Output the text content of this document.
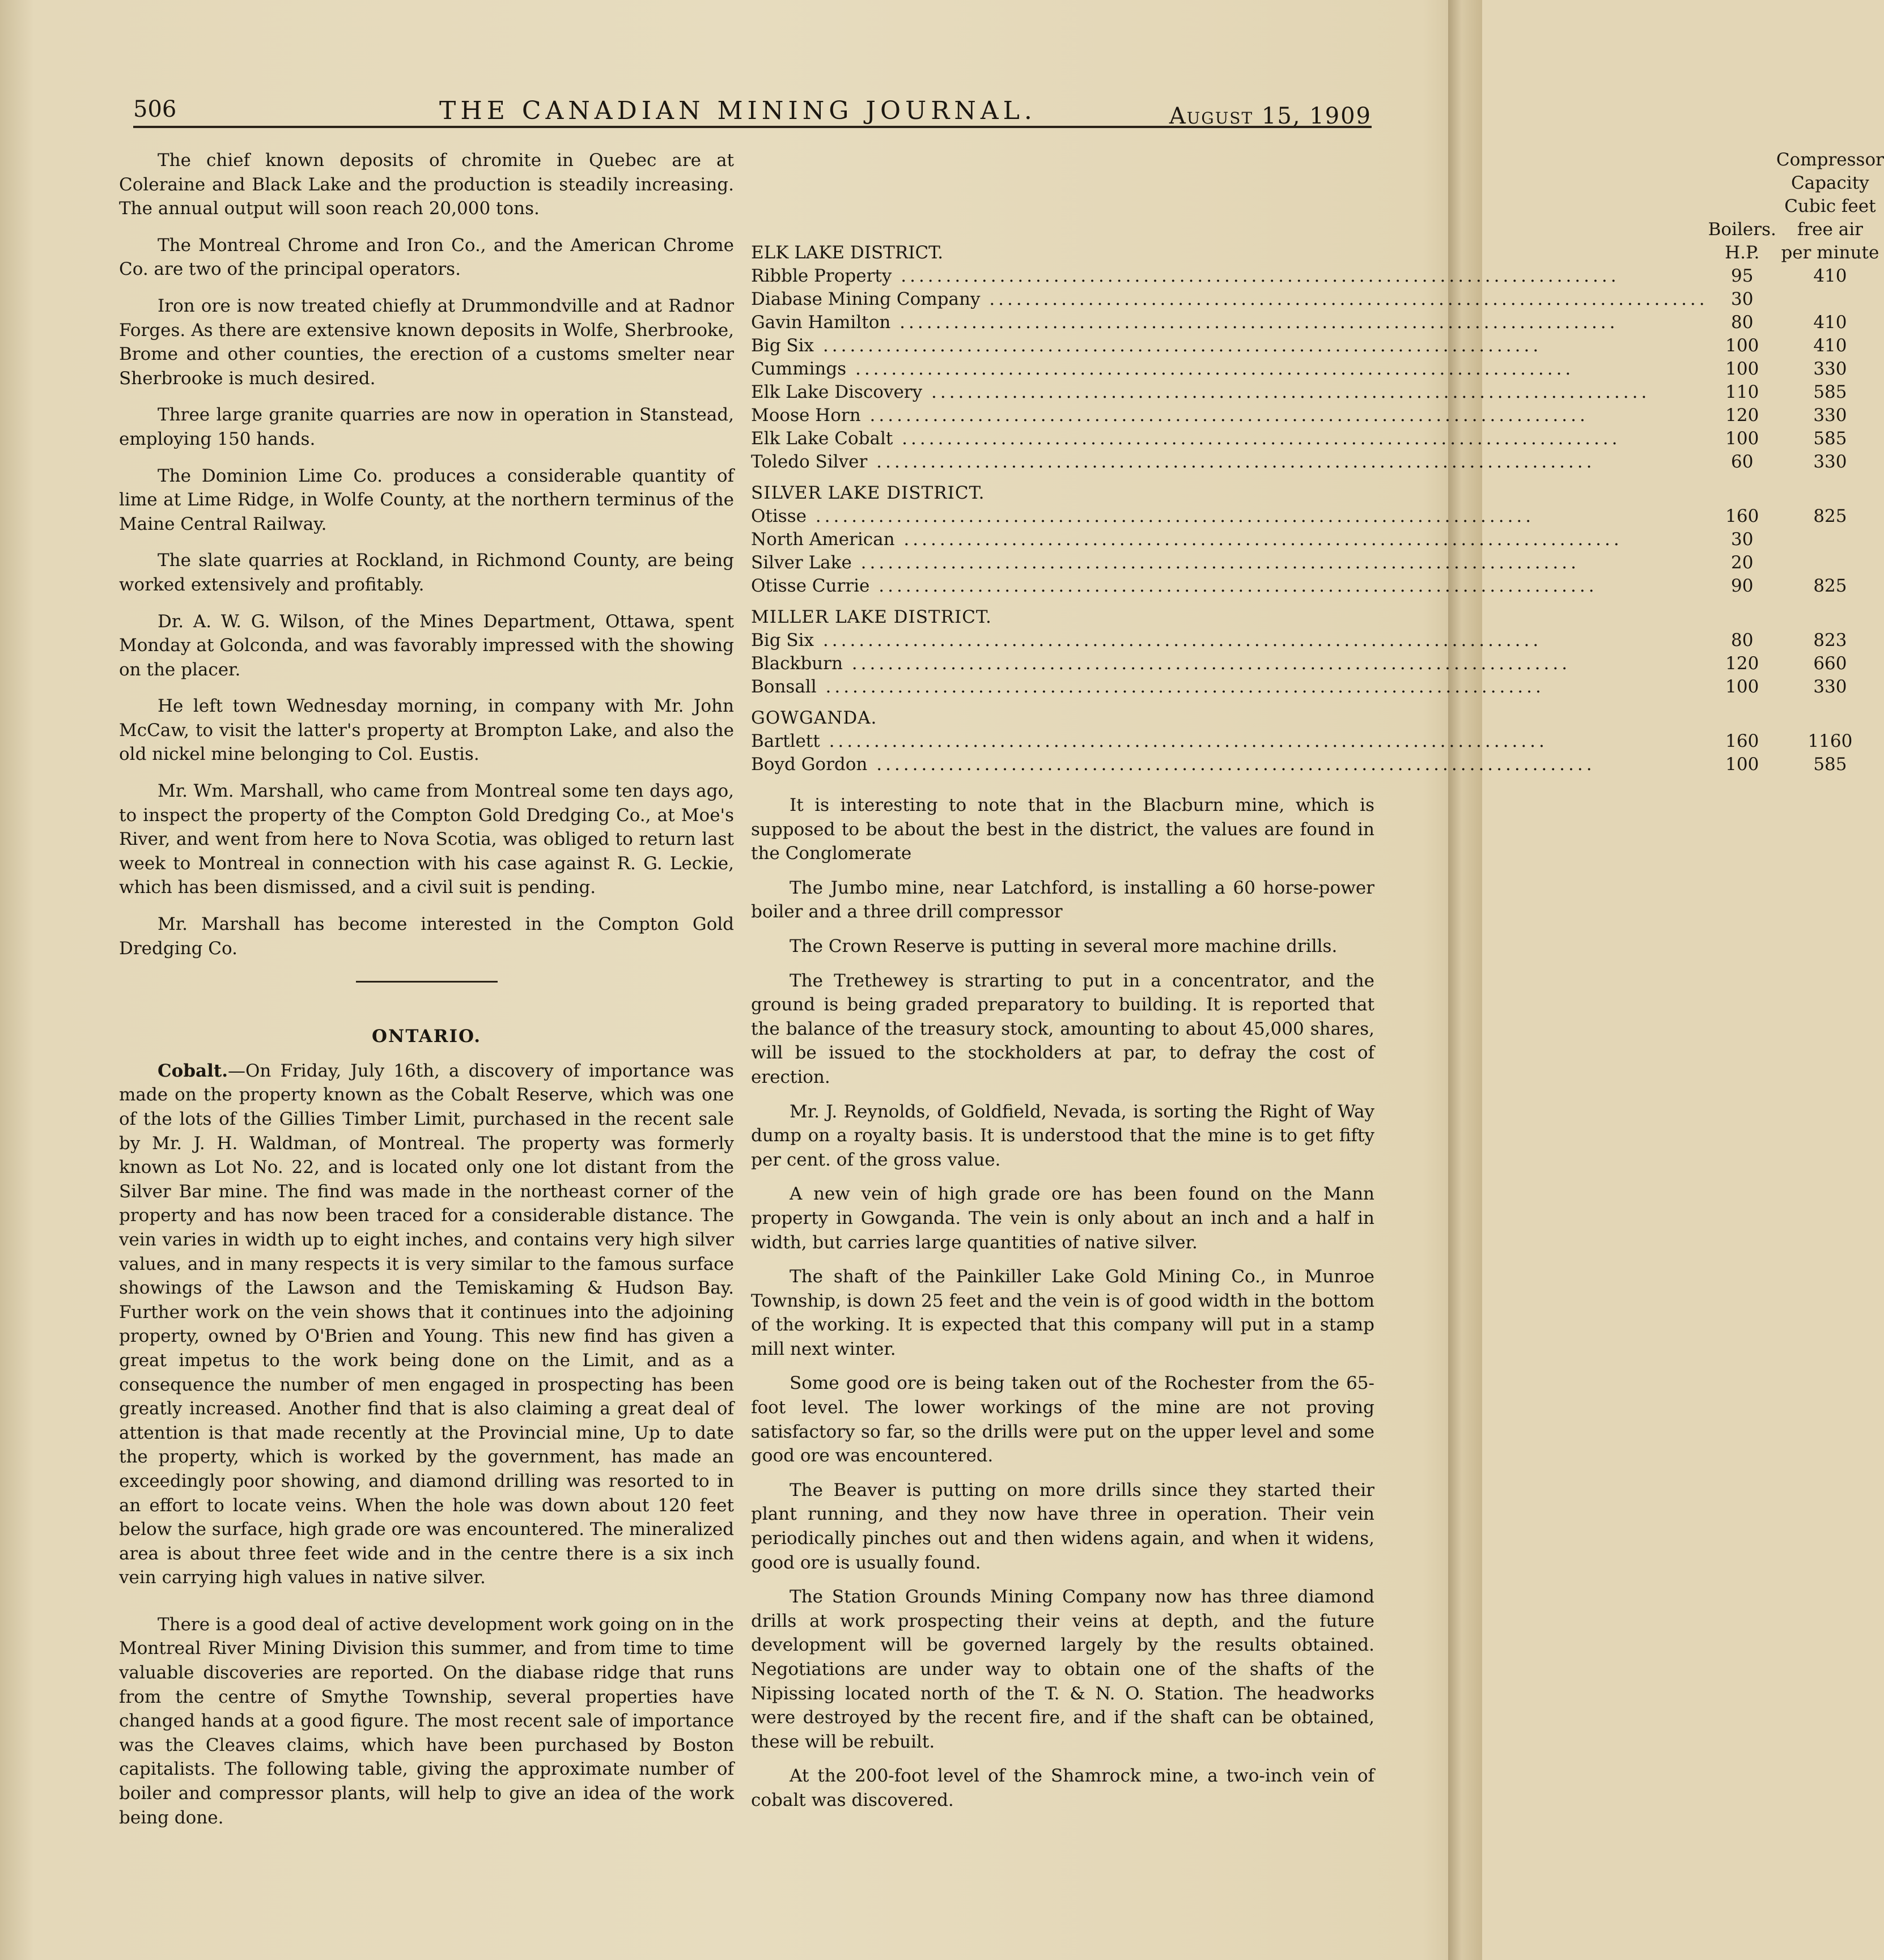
506	THE CANADIAN MINING JOURNAL.	August 15, 1909

The chief known deposits of chromite in Quebec are at Coleraine and Black Lake and the production is steadily increasing. The annual output will soon reach 20,000 tons.

The Montreal Chrome and Iron Co., and the American Chrome Co. are two of the principal operators.

Iron ore is now treated chiefly at Drummondville and at Radnor Forges. As there are extensive known deposits in Wolfe, Sherbrooke, Brome and other counties, the erection of a customs smelter near Sherbrooke is much desired.

Three large granite quarries are now in operation in Stanstead, employing 150 hands.

The Dominion Lime Co. produces a considerable quantity of lime at Lime Ridge, in Wolfe County, at the northern terminus of the Maine Central Railway.

The slate quarries at Rockland, in Richmond County, are being worked extensively and profitably.

Dr. A. W. G. Wilson, of the Mines Department, Ottawa, spent Monday at Golconda, and was favorably impressed with the showing on the placer.

He left town Wednesday morning, in company with Mr. John McCaw, to visit the latter's property at Brompton Lake, and also the old nickel mine belonging to Col. Eustis.

Mr. Wm. Marshall, who came from Montreal some ten days ago, to inspect the property of the Compton Gold Dredging Co., at Moe's River, and went from here to Nova Scotia, was obliged to return last week to Montreal in connection with his case against R. G. Leckie, which has been dismissed, and a civil suit is pending.

Mr. Marshall has become interested in the Compton Gold Dredging Co.

ONTARIO.

Cobalt.—On Friday, July 16th, a discovery of importance was made on the property known as the Cobalt Reserve, which was one of the lots of the Gillies Timber Limit, purchased in the recent sale by Mr. J. H. Waldman, of Montreal. The property was formerly known as Lot No. 22, and is located only one lot distant from the Silver Bar mine. The find was made in the northeast corner of the property and has now been traced for a considerable distance. The vein varies in width up to eight inches, and contains very high silver values, and in many respects it is very similar to the famous surface showings of the Lawson and the Temiskaming & Hudson Bay. Further work on the vein shows that it continues into the adjoining property, owned by O'Brien and Young. This new find has given a great impetus to the work being done on the Limit, and as a consequence the number of men engaged in prospecting has been greatly increased. Another find that is also claiming a great deal of attention is that made recently at the Provincial mine, Up to date the property, which is worked by the government, has made an exceedingly poor showing, and diamond drilling was resorted to in an effort to locate veins. When the hole was down about 120 feet below the surface, high grade ore was encountered. The mineralized area is about three feet wide and in the centre there is a six inch vein carrying high values in native silver.

There is a good deal of active development work going on in the Montreal River Mining Division this summer, and from time to time valuable discoveries are reported. On the diabase ridge that runs from the centre of Smythe Township, several properties have changed hands at a good figure. The most recent sale of importance was the Cleaves claims, which have been purchased by Boston capitalists. The following table, giving the approximate number of boiler and compressor plants, will help to give an idea of the work being done.

		Compressor
		Capacity
		Cubic feet
	Boilers.	free air
ELK LAKE DISTRICT.	H.P.	per minute
Ribble Property ................................................................................	95	410
Diabase Mining Company ................................................................................	30	
Gavin Hamilton ................................................................................	80	410
Big Six ................................................................................	100	410
Cummings ................................................................................	100	330
Elk Lake Discovery ................................................................................	110	585
Moose Horn ................................................................................	120	330
Elk Lake Cobalt ................................................................................	100	585
Toledo Silver ................................................................................	60	330
SILVER LAKE DISTRICT.		
Otisse ................................................................................	160	825
North American ................................................................................	30	
Silver Lake ................................................................................	20	
Otisse Currie ................................................................................	90	825
MILLER LAKE DISTRICT.		
Big Six ................................................................................	80	823
Blackburn ................................................................................	120	660
Bonsall ................................................................................	100	330
GOWGANDA.		
Bartlett ................................................................................	160	1160
Boyd Gordon ................................................................................	100	585

It is interesting to note that in the Blacburn mine, which is supposed to be about the best in the district, the values are found in the Conglomerate

The Jumbo mine, near Latchford, is installing a 60 horse-power boiler and a three drill compressor

The Crown Reserve is putting in several more machine drills.

The Trethewey is strarting to put in a concentrator, and the ground is being graded preparatory to building. It is reported that the balance of the treasury stock, amounting to about 45,000 shares, will be issued to the stockholders at par, to defray the cost of erection.

Mr. J. Reynolds, of Goldfield, Nevada, is sorting the Right of Way dump on a royalty basis. It is understood that the mine is to get fifty per cent. of the gross value.

A new vein of high grade ore has been found on the Mann property in Gowganda. The vein is only about an inch and a half in width, but carries large quantities of native silver.

The shaft of the Painkiller Lake Gold Mining Co., in Munroe Township, is down 25 feet and the vein is of good width in the bottom of the working. It is expected that this company will put in a stamp mill next winter.

Some good ore is being taken out of the Rochester from the 65-foot level. The lower workings of the mine are not proving satisfactory so far, so the drills were put on the upper level and some good ore was encountered.

The Beaver is putting on more drills since they started their plant running, and they now have three in operation. Their vein periodically pinches out and then widens again, and when it widens, good ore is usually found.

The Station Grounds Mining Company now has three diamond drills at work prospecting their veins at depth, and the future development will be governed largely by the results obtained. Negotiations are under way to obtain one of the shafts of the Nipissing located north of the T. & N. O. Station. The headworks were destroyed by the recent fire, and if the shaft can be obtained, these will be rebuilt.

At the 200-foot level of the Shamrock mine, a two-inch vein of cobalt was discovered.
